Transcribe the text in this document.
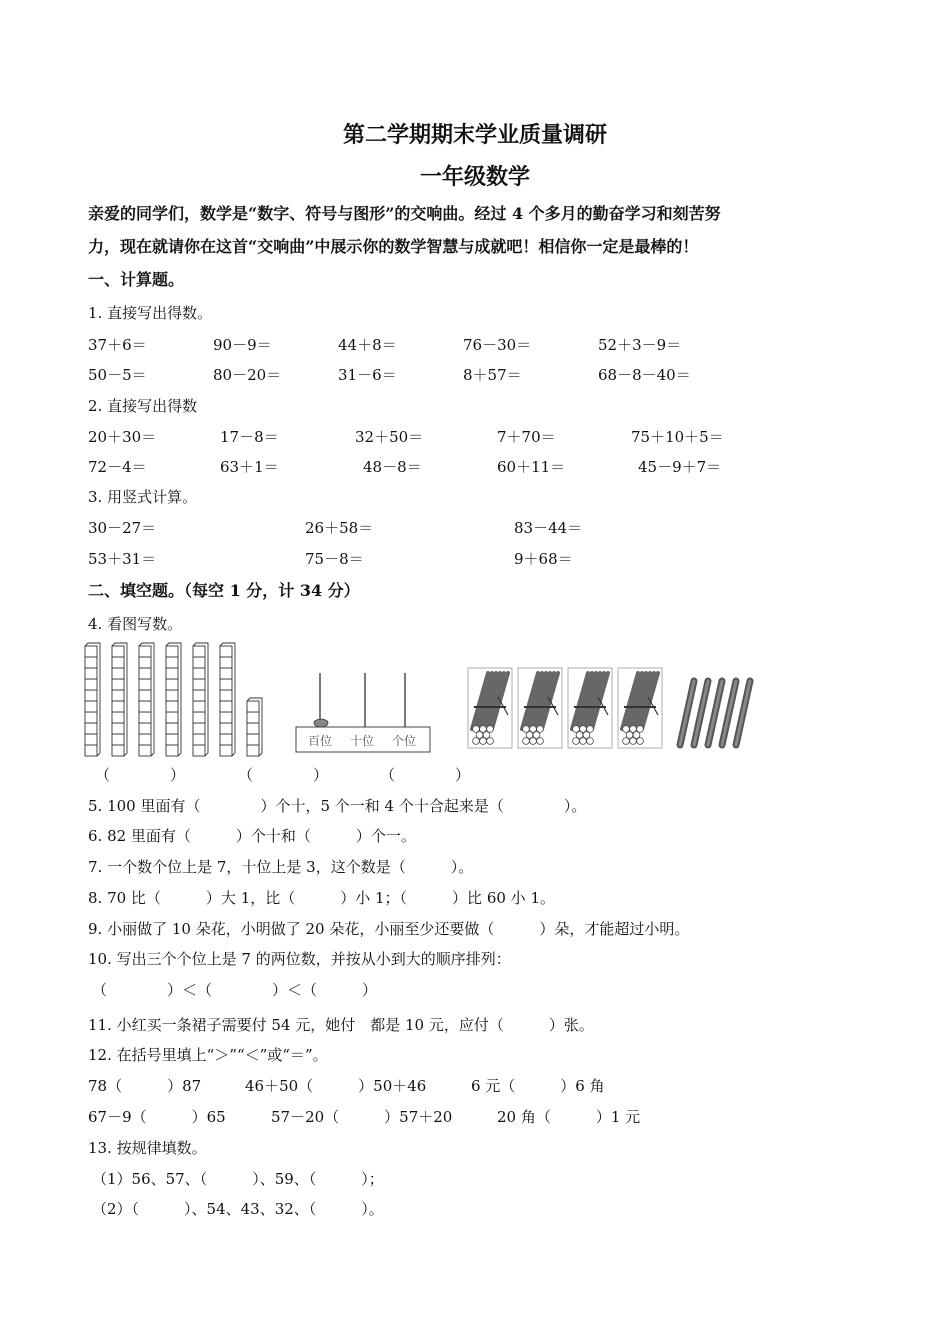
第二学期期末学业质量调研
一年级数学
亲爱的同学们，数学是“数字、符号与图形”的交响曲。经过 4 个多月的勤奋学习和刻苦努
力，现在就请你在这首“交响曲”中展示你的数学智慧与成就吧！相信你一定是最棒的！
一、计算题。
1. 直接写出得数。
37＋6＝	90－9＝	44＋8＝	76－30＝	52＋3－9＝
50－5＝	80－20＝	31－6＝	8＋57＝	68－8－40＝
2. 直接写出得数
20＋30＝	17－8＝	32＋50＝	7＋70＝	75＋10＋5＝
72－4＝	63＋1＝	48－8＝	60＋11＝	45－9＋7＝
3. 用竖式计算。
30－27＝	26＋58＝	83－44＝
53＋31＝	75－8＝	9＋68＝
二、填空题。（每空 1 分，计 34 分）
4. 看图写数。
百位 十位 个位
（　　　　）	（　　　　）	（　　　　）
5. 100 里面有（　　　　）个十，5 个一和 4 个十合起来是（　　　　）。
6. 82 里面有（　　　）个十和（　　　）个一。
7. 一个数个位上是 7，十位上是 3，这个数是（　　　）。
8. 70 比（　　　）大 1，比（　　　）小 1；（　　　）比 60 小 1。
9. 小丽做了 10 朵花，小明做了 20 朵花，小丽至少还要做（　　　）朵，才能超过小明。
10. 写出三个个位上是 7 的两位数，并按从小到大的顺序排列：
（　　　　）＜（　　　　）＜（　　　）
11. 小红买一条裙子需要付 54 元，她付　都是 10 元，应付（　　　）张。
12. 在括号里填上“＞”“＜”或“＝”。
78（　　　）87	46＋50（　　　）50＋46	6 元（　　　）6 角
67－9（　　　）65	57－20（　　　）57＋20	20 角（　　　）1 元
13. 按规律填数。
（1）56、57、（　　　）、59、（　　　）；
（2）（　　　）、54、43、32、（　　　）。
